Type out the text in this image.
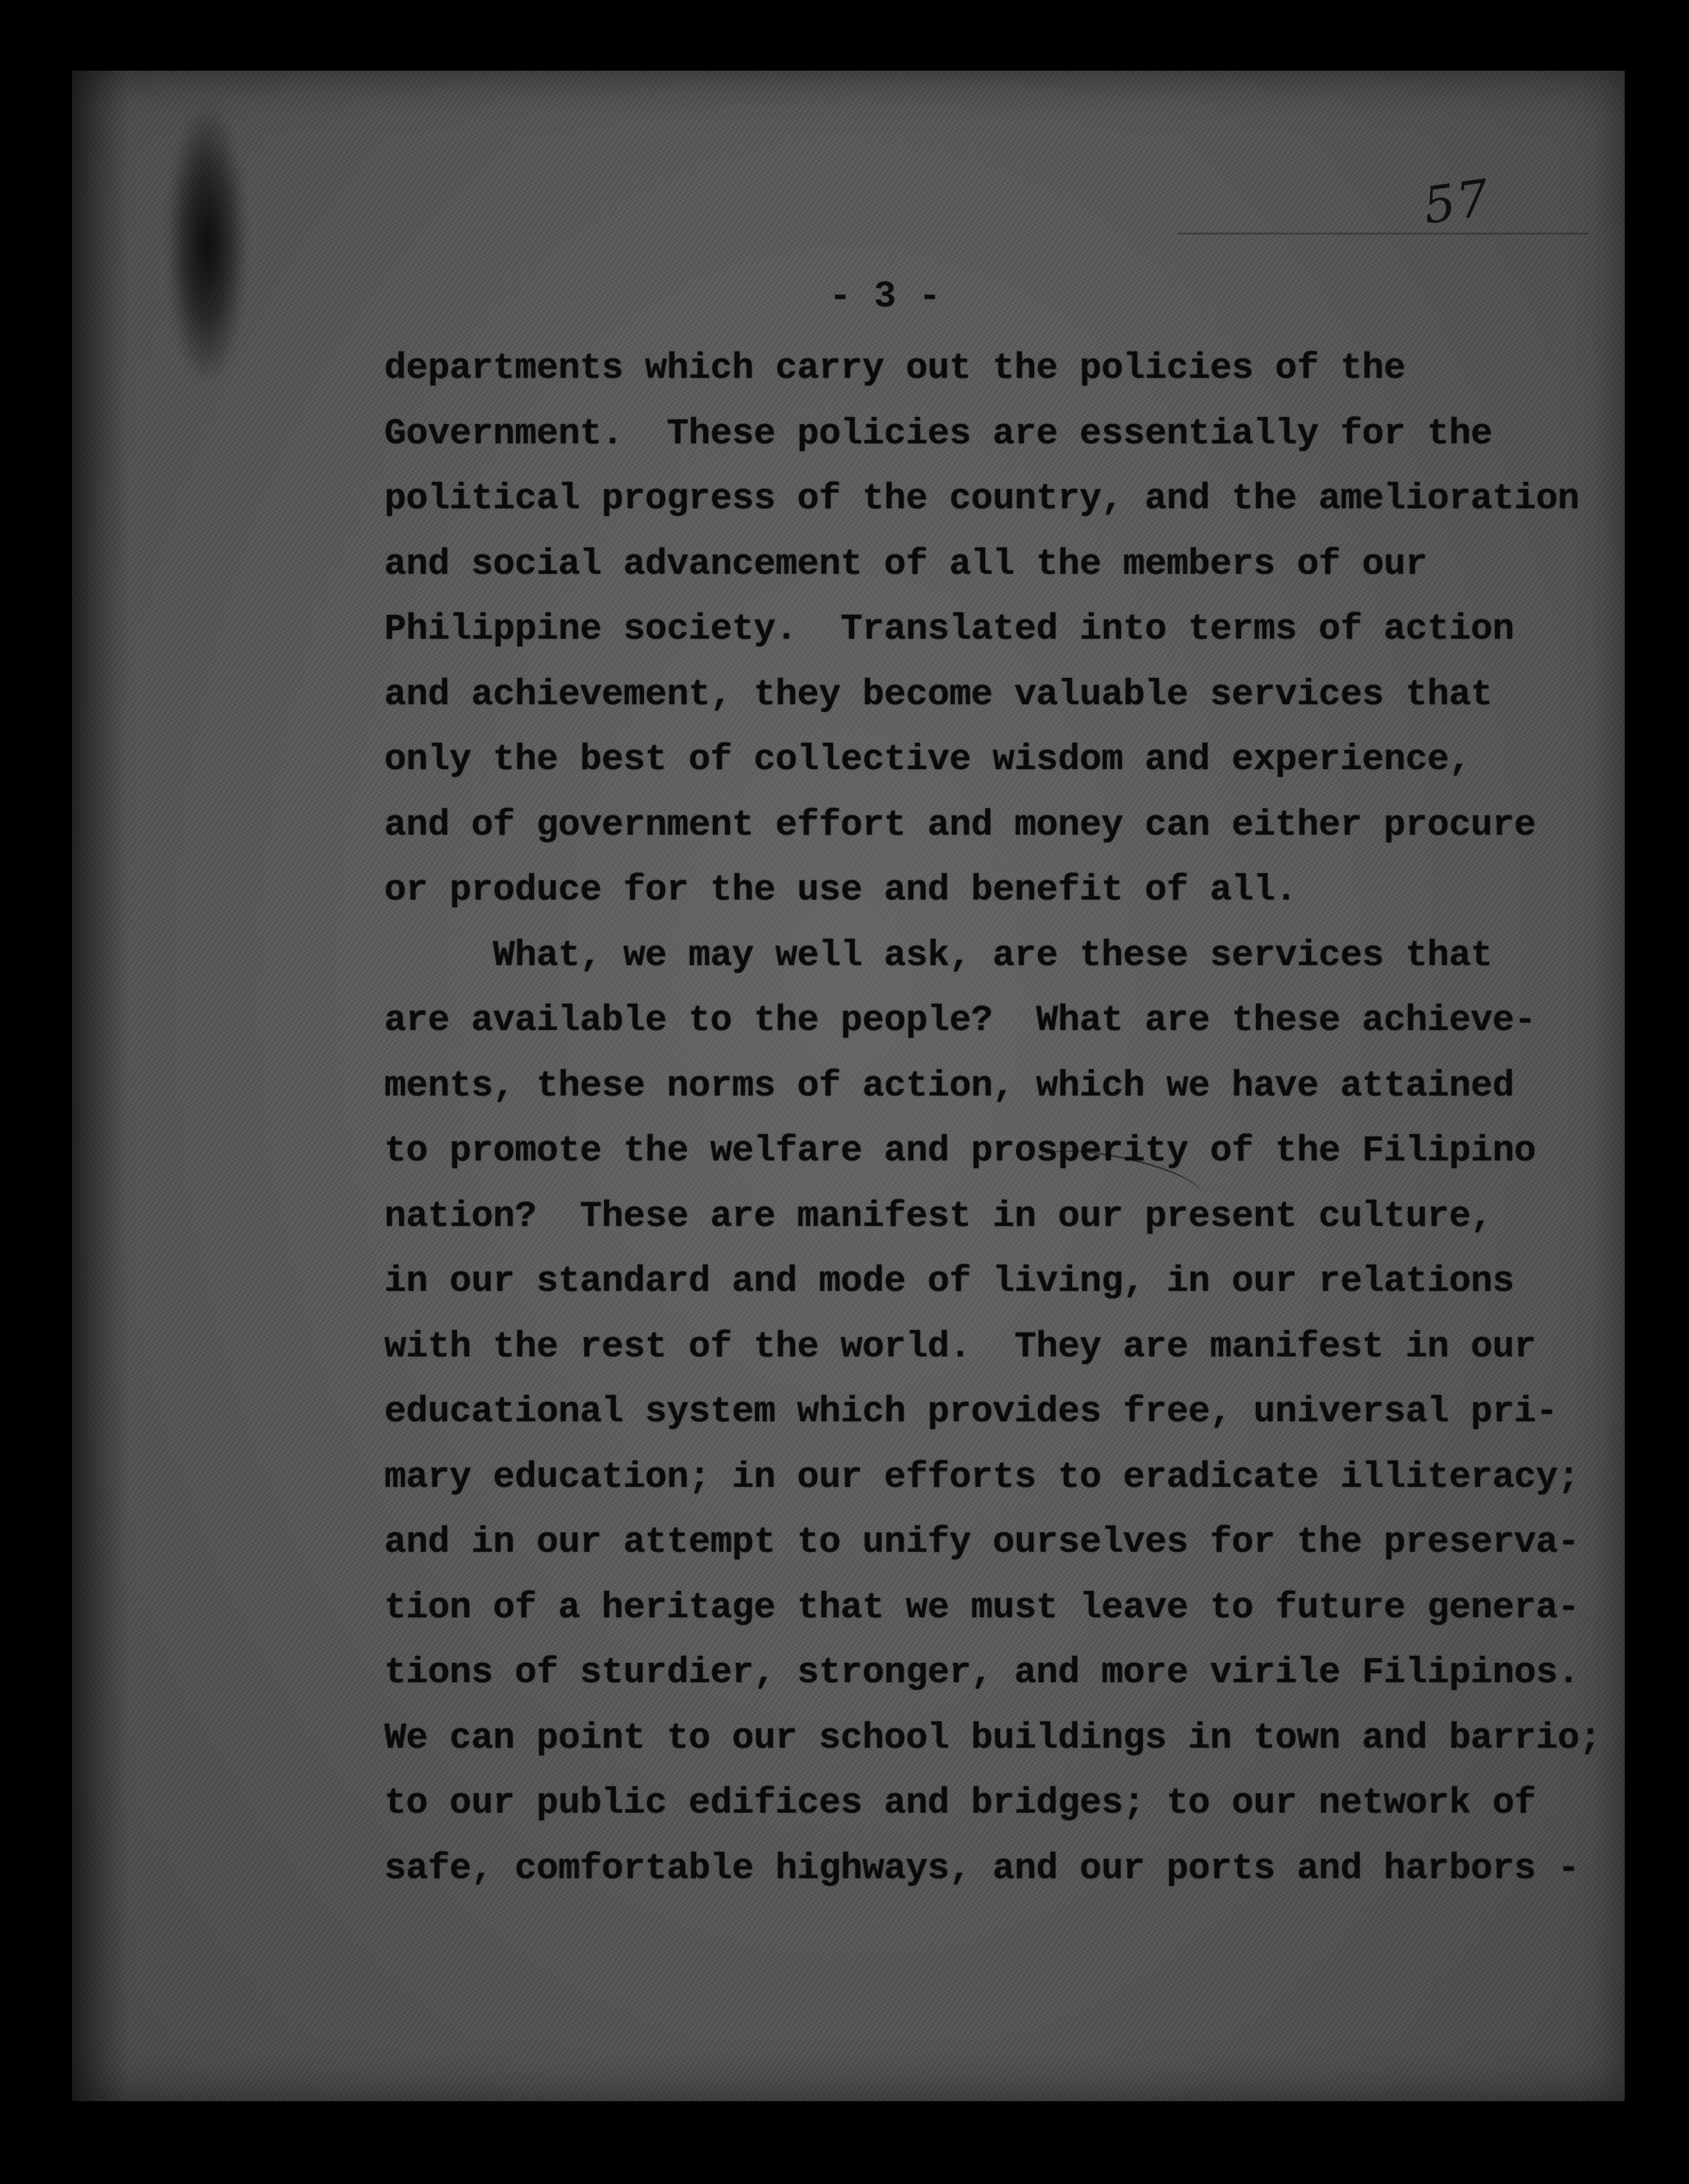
57
- 3 -
departments which carry out the policies of the
Government.  These policies are essentially for the
political progress of the country, and the amelioration
and social advancement of all the members of our
Philippine society.  Translated into terms of action
and achievement, they become valuable services that
only the best of collective wisdom and experience,
and of government effort and money can either procure
or produce for the use and benefit of all.
What, we may well ask, are these services that
are available to the people?  What are these achieve-
ments, these norms of action, which we have attained
to promote the welfare and prosperity of the Filipino
nation?  These are manifest in our present culture,
in our standard and mode of living, in our relations
with the rest of the world.  They are manifest in our
educational system which provides free, universal pri-
mary education; in our efforts to eradicate illiteracy;
and in our attempt to unify ourselves for the preserva-
tion of a heritage that we must leave to future genera-
tions of sturdier, stronger, and more virile Filipinos.
We can point to our school buildings in town and barrio;
to our public edifices and bridges; to our network of
safe, comfortable highways, and our ports and harbors -
